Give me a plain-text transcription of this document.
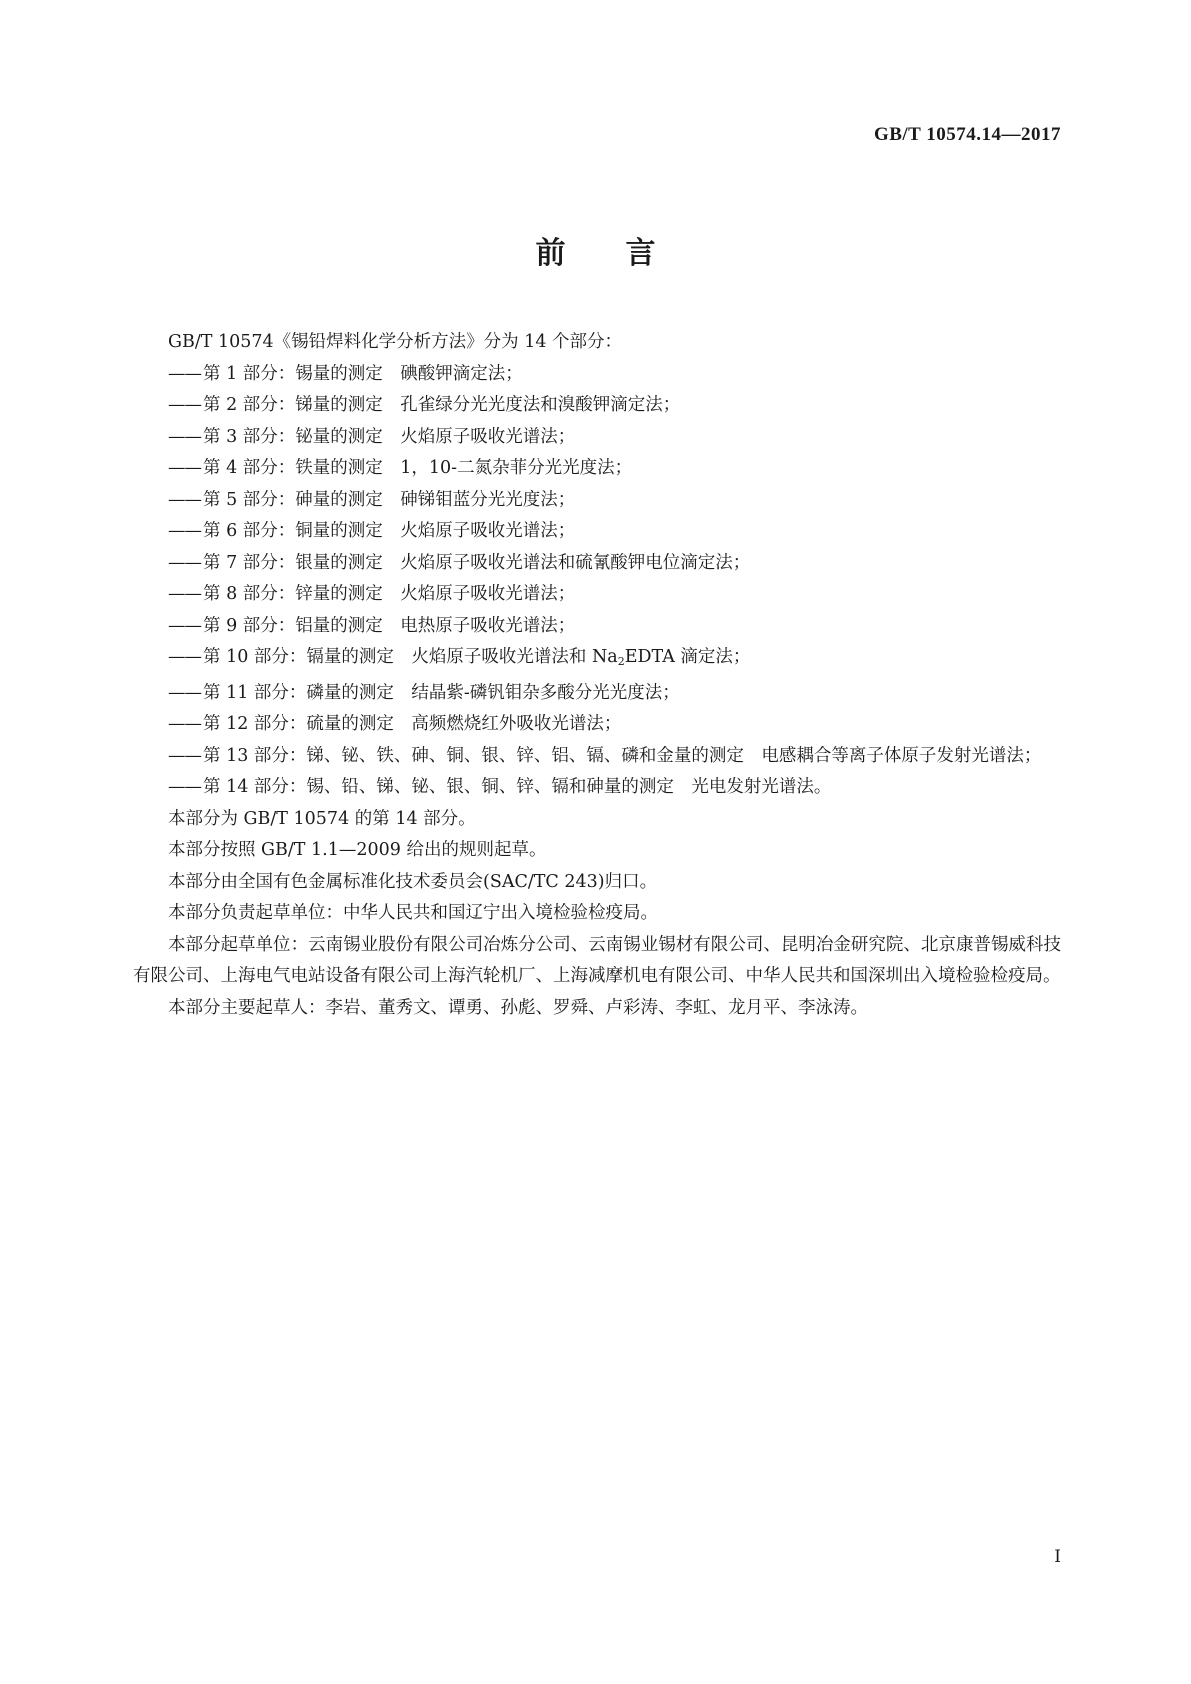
GB/T 10574.14—2017
前言

GB/T 10574《锡铅焊料化学分析方法》分为 14 个部分：

—— 第 1 部分：锡量的测定　碘酸钾滴定法；

—— 第 2 部分：锑量的测定　孔雀绿分光光度法和溴酸钾滴定法；

—— 第 3 部分：铋量的测定　火焰原子吸收光谱法；

—— 第 4 部分：铁量的测定　1，10-二氮杂菲分光光度法；

—— 第 5 部分：砷量的测定　砷锑钼蓝分光光度法；

—— 第 6 部分：铜量的测定　火焰原子吸收光谱法；

—— 第 7 部分：银量的测定　火焰原子吸收光谱法和硫氰酸钾电位滴定法；

—— 第 8 部分：锌量的测定　火焰原子吸收光谱法；

—— 第 9 部分：铝量的测定　电热原子吸收光谱法；

—— 第 10 部分：镉量的测定　火焰原子吸收光谱法和 $Na_2EDTA$ 滴定法；

—— 第 11 部分：磷量的测定　结晶紫-磷钒钼杂多酸分光光度法；

—— 第 12 部分：硫量的测定　高频燃烧红外吸收光谱法；

—— 第 13 部分：锑、铋、铁、砷、铜、银、锌、铝、镉、磷和金量的测定　电感耦合等离子体原子发射光谱法；

—— 第 14 部分：锡、铅、锑、铋、银、铜、锌、镉和砷量的测定　光电发射光谱法。

本部分为 GB/T 10574 的第 14 部分。

本部分按照 GB/T 1.1—2009 给出的规则起草。

本部分由全国有色金属标准化技术委员会(SAC/TC 243)归口。

本部分负责起草单位：中华人民共和国辽宁出入境检验检疫局。

本部分起草单位：云南锡业股份有限公司冶炼分公司、云南锡业锡材有限公司、昆明冶金研究院、北京康普锡威科技有限公司、上海电气电站设备有限公司上海汽轮机厂、上海减摩机电有限公司、中华人民共和国深圳出入境检验检疫局。

本部分主要起草人：李岩、董秀文、谭勇、孙彪、罗舜、卢彩涛、李虹、龙月平、李泳涛。

I
